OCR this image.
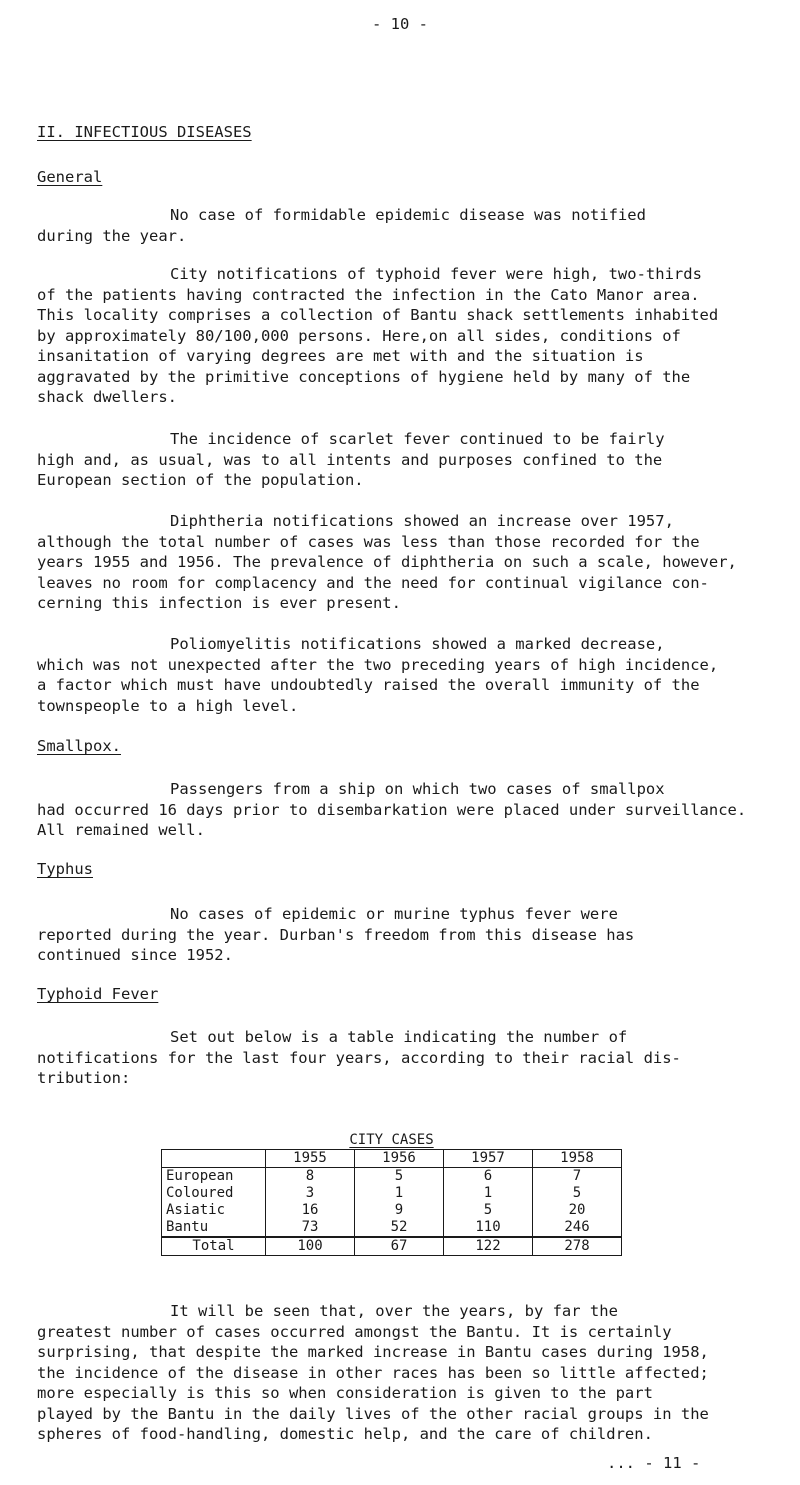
- 10 -
II. INFECTIOUS DISEASES
General
No case of formidable epidemic disease was notified
during the year.
City notifications of typhoid fever were high, two-thirds
of the patients having contracted the infection in the Cato Manor area.
This locality comprises a collection of Bantu shack settlements inhabited
by approximately 80/100,000 persons. Here,on all sides, conditions of
insanitation of varying degrees are met with and the situation is
aggravated by the primitive conceptions of hygiene held by many of the
shack dwellers.
The incidence of scarlet fever continued to be fairly
high and, as usual, was to all intents and purposes confined to the
European section of the population.
Diphtheria notifications showed an increase over 1957,
although the total number of cases was less than those recorded for the
years 1955 and 1956. The prevalence of diphtheria on such a scale, however,
leaves no room for complacency and the need for continual vigilance con-
cerning this infection is ever present.
Poliomyelitis notifications showed a marked decrease,
which was not unexpected after the two preceding years of high incidence,
a factor which must have undoubtedly raised the overall immunity of the
townspeople to a high level.
Smallpox.
Passengers from a ship on which two cases of smallpox
had occurred 16 days prior to disembarkation were placed under surveillance.
All remained well.
Typhus
No cases of epidemic or murine typhus fever were
reported during the year. Durban's freedom from this disease has
continued since 1952.
Typhoid Fever
Set out below is a table indicating the number of
notifications for the last four years, according to their racial dis-
tribution:
CITY CASES
	1955	1956	1957	1958
European	8	5	6	7
Coloured	3	1	1	5
Asiatic	16	9	5	20
Bantu	73	52	110	246
Total	100	67	122	278
It will be seen that, over the years, by far the
greatest number of cases occurred amongst the Bantu. It is certainly
surprising, that despite the marked increase in Bantu cases during 1958,
the incidence of the disease in other races has been so little affected;
more especially is this so when consideration is given to the part
played by the Bantu in the daily lives of the other racial groups in the
spheres of food-handling, domestic help, and the care of children.
... - 11 -
